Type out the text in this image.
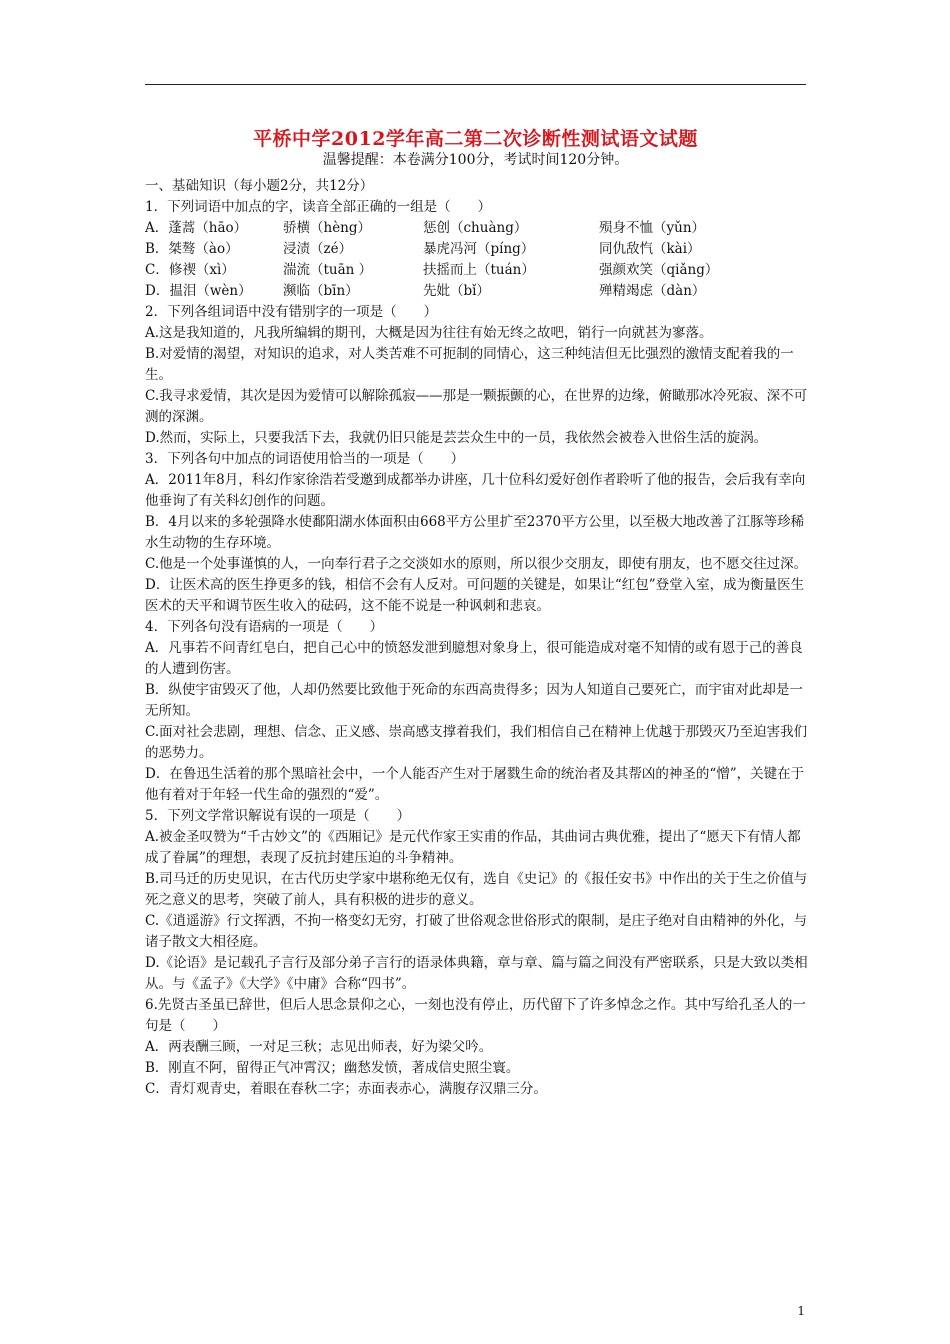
平桥中学2012学年高二第二次诊断性测试语文试题
温馨提醒：本卷满分100分，考试时间120分钟。

一、基础知识（每小题2分，共12分）

1．下列词语中加点的字，读音全部正确的一组是（　　）

A．蓬蒿（hāo）	骄横（hèng）	惩创（chuàng）	殒身不恤（yǔn）
B．桀骜（ào）	浸渍（zé）	暴虎冯河（píng）	同仇敌忾（kài）
C．修禊（xì）	湍流（tuān ）	扶摇而上（tuán）	强颜欢笑（qiǎng）
D．揾泪（wèn）	濒临（bīn）	先妣（bǐ）	殚精竭虑（dàn）

2．下列各组词语中没有错别字的一项是（　　）

A.这是我知道的，凡我所编辑的期刊，大概是因为往往有始无终之故吧，销行一向就甚为寥落。

B.对爱情的渴望，对知识的追求，对人类苦难不可扼制的同情心，这三种纯洁但无比强烈的激情支配着我的一生。

C.我寻求爱情，其次是因为爱情可以解除孤寂——那是一颗振颤的心，在世界的边缘，俯瞰那冰冷死寂、深不可测的深渊。

D.然而，实际上，只要我活下去，我就仍旧只能是芸芸众生中的一员，我依然会被卷入世俗生活的旋涡。

3．下列各句中加点的词语使用恰当的一项是（　　）

A．2011年8月，科幻作家徐浩若受邀到成都举办讲座，几十位科幻爱好创作者聆听了他的报告，会后我有幸向他垂询了有关科幻创作的问题。

B．4月以来的多轮强降水使鄱阳湖水体面积由668平方公里扩至2370平方公里，以至极大地改善了江豚等珍稀水生动物的生存环境。

C.他是一个处事谨慎的人，一向奉行君子之交淡如水的原则，所以很少交朋友，即使有朋友，也不愿交往过深。

D．让医术高的医生挣更多的钱，相信不会有人反对。可问题的关键是，如果让“红包”登堂入室，成为衡量医生医术的天平和调节医生收入的砝码，这不能不说是一种讽刺和悲哀。

4．下列各句没有语病的一项是（　　）

A．凡事若不问青红皂白，把自己心中的愤怒发泄到臆想对象身上，很可能造成对毫不知情的或有恩于己的善良的人遭到伤害。

B．纵使宇宙毁灭了他，人却仍然要比致他于死命的东西高贵得多；因为人知道自己要死亡，而宇宙对此却是一无所知。

C.面对社会悲剧，理想、信念、正义感、崇高感支撑着我们，我们相信自己在精神上优越于那毁灭乃至迫害我们的恶势力。

D．在鲁迅生活着的那个黑暗社会中，一个人能否产生对于屠戮生命的统治者及其帮凶的神圣的“憎”，关键在于他有着对于年轻一代生命的强烈的“爱”。

5．下列文学常识解说有误的一项是（　　）

A.被金圣叹赞为“千古妙文”的《西厢记》是元代作家王实甫的作品，其曲词古典优雅，提出了“愿天下有情人都成了眷属”的理想，表现了反抗封建压迫的斗争精神。

B.司马迁的历史见识，在古代历史学家中堪称绝无仅有，选自《史记》的《报任安书》中作出的关于生之价值与死之意义的思考，突破了前人，具有积极的进步的意义。

C.《逍遥游》行文挥洒，不拘一格变幻无穷，打破了世俗观念世俗形式的限制，是庄子绝对自由精神的外化，与诸子散文大相径庭。

D.《论语》是记载孔子言行及部分弟子言行的语录体典籍，章与章、篇与篇之间没有严密联系，只是大致以类相从。与《孟子》《大学》《中庸》合称“四书”。

6.先贤古圣虽已辞世，但后人思念景仰之心，一刻也没有停止，历代留下了许多悼念之作。其中写给孔圣人的一句是（　　）

A．两表酬三顾，一对足三秋；志见出师表，好为梁父吟。

B．刚直不阿，留得正气冲霄汉；幽愁发愤，著成信史照尘寰。

C．青灯观青史，着眼在春秋二字；赤面表赤心，满腹存汉鼎三分。

1
